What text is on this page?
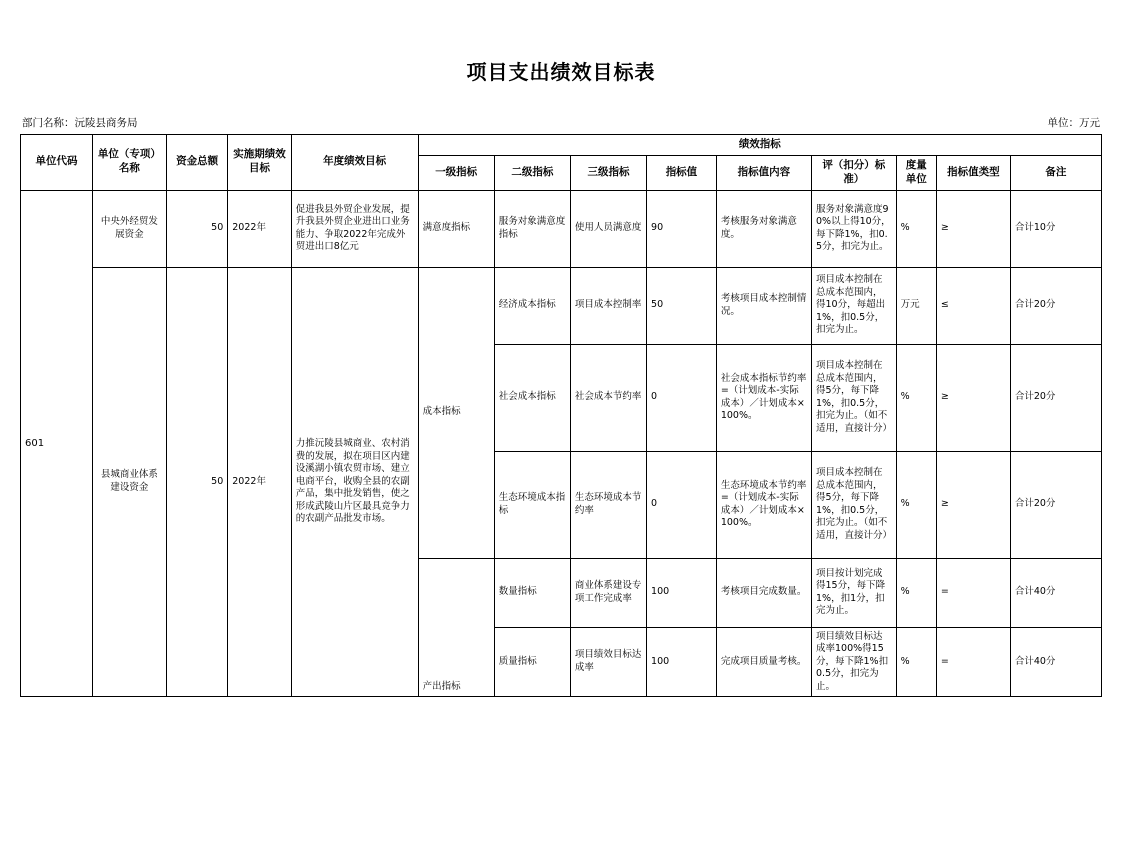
项目支出绩效目标表
部门名称：沅陵县商务局	单位：万元
单位代码	单位（专项）名称	资金总额	实施期绩效目标	年度绩效目标	绩效指标								
					一级指标	二级指标	三级指标	指标值	指标值内容	评（扣分）标准）	度量单位	指标值类型	备注
601	中央外经贸发展资金	50	2022年	促进我县外贸企业发展，提升我县外贸企业进出口业务能力、争取2022年完成外贸进出口8亿元	满意度指标	服务对象满意度指标	使用人员满意度	90	考核服务对象满意度。	服务对象满意度90%以上得10分，每下降1%，扣0.5分，扣完为止。	%	≥	合计10分
	县城商业体系建设资金	50	2022年	力推沅陵县城商业、农村消费的发展，拟在项目区内建设溪湖小镇农贸市场、建立电商平台，收购全县的农副产品，集中批发销售，使之形成武陵山片区最具竞争力的农副产品批发市场。	成本指标	经济成本指标	项目成本控制率	50	考核项目成本控制情况。	项目成本控制在总成本范围内，得10分，每超出1%，扣0.5分，扣完为止。	万元	≤	合计20分
						社会成本指标	社会成本节约率	0	社会成本指标节约率=（计划成本-实际成本）／计划成本×100%。	项目成本控制在总成本范围内，得5分，每下降1%，扣0.5分，扣完为止。（如不适用，直接计分）	%	≥	合计20分
						生态环境成本指标	生态环境成本节约率	0	生态环境成本节约率=（计划成本-实际成本）／计划成本×100%。	项目成本控制在总成本范围内，得5分，每下降1%，扣0.5分，扣完为止。（如不适用，直接计分）	%	≥	合计20分
					产出指标	数量指标	商业体系建设专项工作完成率	100	考核项目完成数量。	项目按计划完成得15分，每下降1%，扣1分，扣完为止。	%	=	合计40分
						质量指标	项目绩效目标达成率	100	完成项目质量考核。	项目绩效目标达成率100%得15分，每下降1%扣0.5分，扣完为止。	%	=	合计40分
